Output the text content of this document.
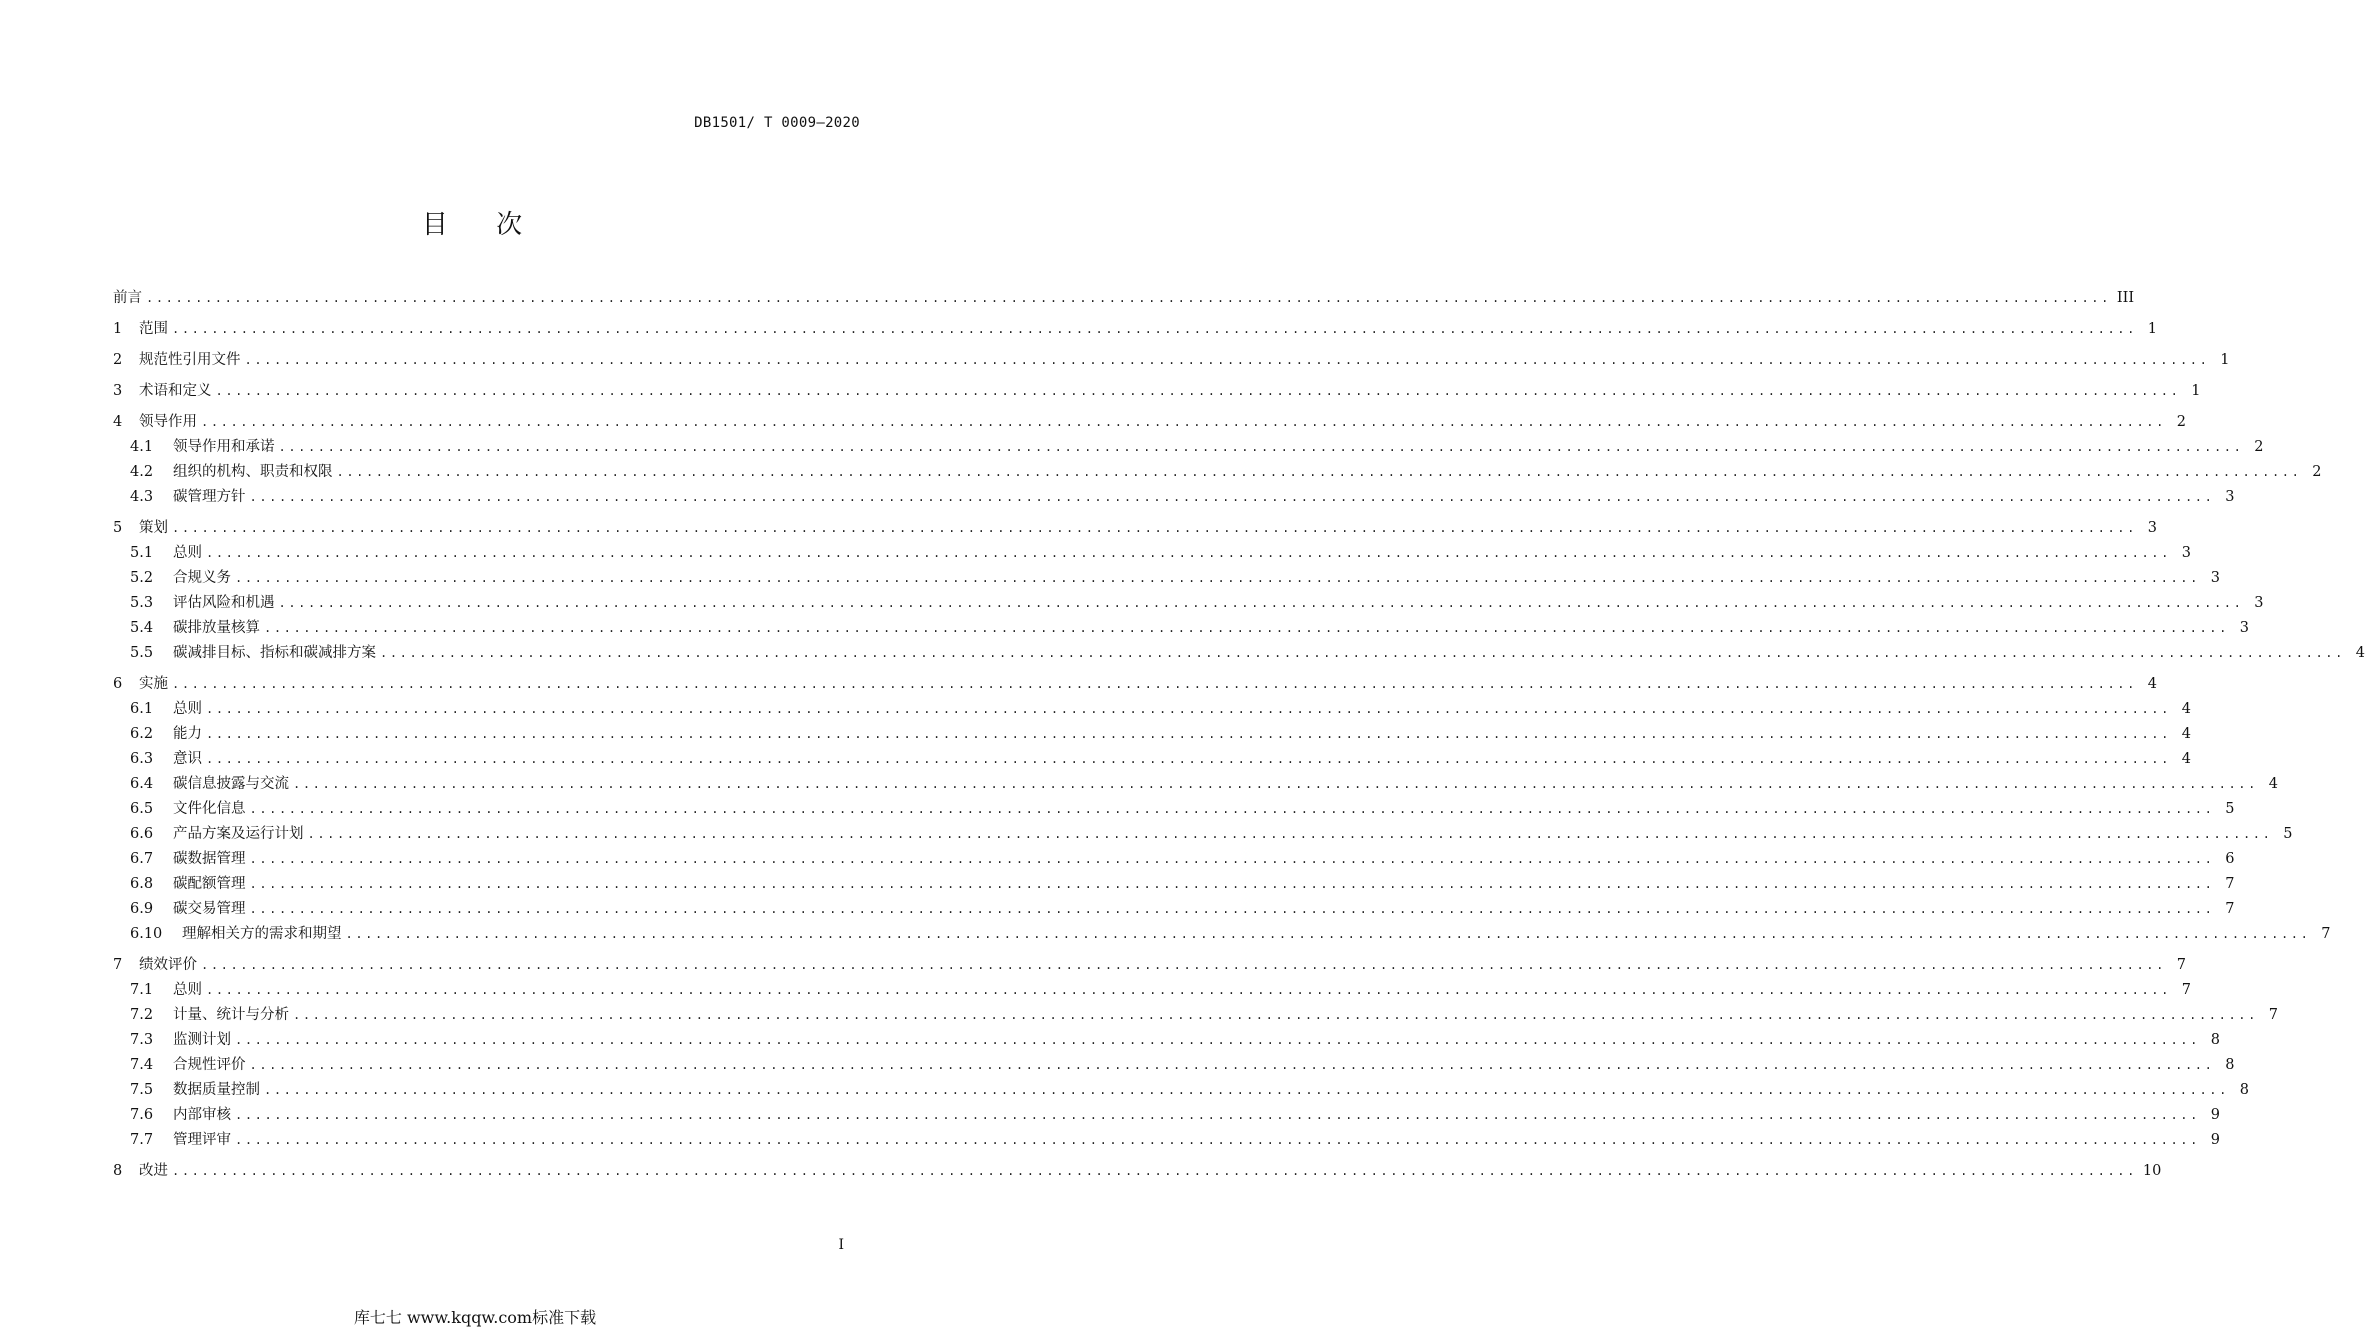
DB1501/ T 0009—2020
目 次
前言 ........................................................................................................................................................................................................ III
1	范围 ........................................................................................................................................................................................................ 1
2	规范性引用文件 ........................................................................................................................................................................................................ 1
3	术语和定义 ........................................................................................................................................................................................................ 1
4	领导作用 ........................................................................................................................................................................................................ 2
4.1	领导作用和承诺 ........................................................................................................................................................................................................ 2
4.2	组织的机构、职责和权限 ........................................................................................................................................................................................................ 2
4.3	碳管理方针 ........................................................................................................................................................................................................ 3
5	策划 ........................................................................................................................................................................................................ 3
5.1	总则 ........................................................................................................................................................................................................ 3
5.2	合规义务 ........................................................................................................................................................................................................ 3
5.3	评估风险和机遇 ........................................................................................................................................................................................................ 3
5.4	碳排放量核算 ........................................................................................................................................................................................................ 3
5.5	碳减排目标、指标和碳减排方案 ........................................................................................................................................................................................................ 4
6	实施 ........................................................................................................................................................................................................ 4
6.1	总则 ........................................................................................................................................................................................................ 4
6.2	能力 ........................................................................................................................................................................................................ 4
6.3	意识 ........................................................................................................................................................................................................ 4
6.4	碳信息披露与交流 ........................................................................................................................................................................................................ 4
6.5	文件化信息 ........................................................................................................................................................................................................ 5
6.6	产品方案及运行计划 ........................................................................................................................................................................................................ 5
6.7	碳数据管理 ........................................................................................................................................................................................................ 6
6.8	碳配额管理 ........................................................................................................................................................................................................ 7
6.9	碳交易管理 ........................................................................................................................................................................................................ 7
6.10	理解相关方的需求和期望 ........................................................................................................................................................................................................ 7
7	绩效评价 ........................................................................................................................................................................................................ 7
7.1	总则 ........................................................................................................................................................................................................ 7
7.2	计量、统计与分析 ........................................................................................................................................................................................................ 7
7.3	监测计划 ........................................................................................................................................................................................................ 8
7.4	合规性评价 ........................................................................................................................................................................................................ 8
7.5	数据质量控制 ........................................................................................................................................................................................................ 8
7.6	内部审核 ........................................................................................................................................................................................................ 9
7.7	管理评审 ........................................................................................................................................................................................................ 9
8	改进 ........................................................................................................................................................................................................ 10
I
库七七 www.kqqw.com标准下载
